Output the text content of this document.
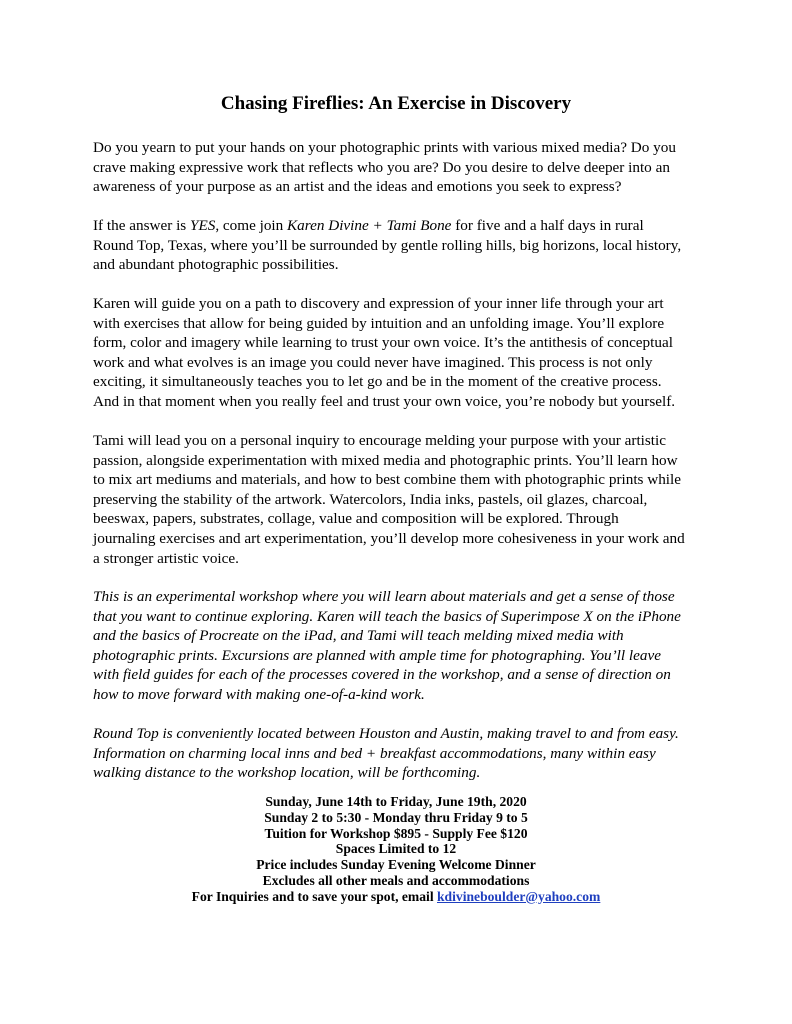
Chasing Fireflies: An Exercise in Discovery
Do you yearn to put your hands on your photographic prints with various mixed media? Do you
crave making expressive work that reflects who you are? Do you desire to delve deeper into an
awareness of your purpose as an artist and the ideas and emotions you seek to express?
If the answer is YES, come join Karen Divine + Tami Bone for five and a half days in rural
Round Top, Texas, where you’ll be surrounded by gentle rolling hills, big horizons, local history,
and abundant photographic possibilities.
Karen will guide you on a path to discovery and expression of your inner life through your art
with exercises that allow for being guided by intuition and an unfolding image. You’ll explore
form, color and imagery while learning to trust your own voice. It’s the antithesis of conceptual
work and what evolves is an image you could never have imagined. This process is not only
exciting, it simultaneously teaches you to let go and be in the moment of the creative process.
And in that moment when you really feel and trust your own voice, you’re nobody but yourself.
Tami will lead you on a personal inquiry to encourage melding your purpose with your artistic
passion, alongside experimentation with mixed media and photographic prints. You’ll learn how
to mix art mediums and materials, and how to best combine them with photographic prints while
preserving the stability of the artwork. Watercolors, India inks, pastels, oil glazes, charcoal,
beeswax, papers, substrates, collage, value and composition will be explored. Through
journaling exercises and art experimentation, you’ll develop more cohesiveness in your work and
a stronger artistic voice.
This is an experimental workshop where you will learn about materials and get a sense of those
that you want to continue exploring. Karen will teach the basics of Superimpose X on the iPhone
and the basics of Procreate on the iPad, and Tami will teach melding mixed media with
photographic prints. Excursions are planned with ample time for photographing. You’ll leave
with field guides for each of the processes covered in the workshop, and a sense of direction on
how to move forward with making one-of-a-kind work.
Round Top is conveniently located between Houston and Austin, making travel to and from easy.
Information on charming local inns and bed + breakfast accommodations, many within easy
walking distance to the workshop location, will be forthcoming.
Sunday, June 14th to Friday, June 19th, 2020
Sunday 2 to 5:30 - Monday thru Friday 9 to 5
Tuition for Workshop $895 - Supply Fee $120
Spaces Limited to 12
Price includes Sunday Evening Welcome Dinner
Excludes all other meals and accommodations
For Inquiries and to save your spot, email kdivineboulder@yahoo.com
